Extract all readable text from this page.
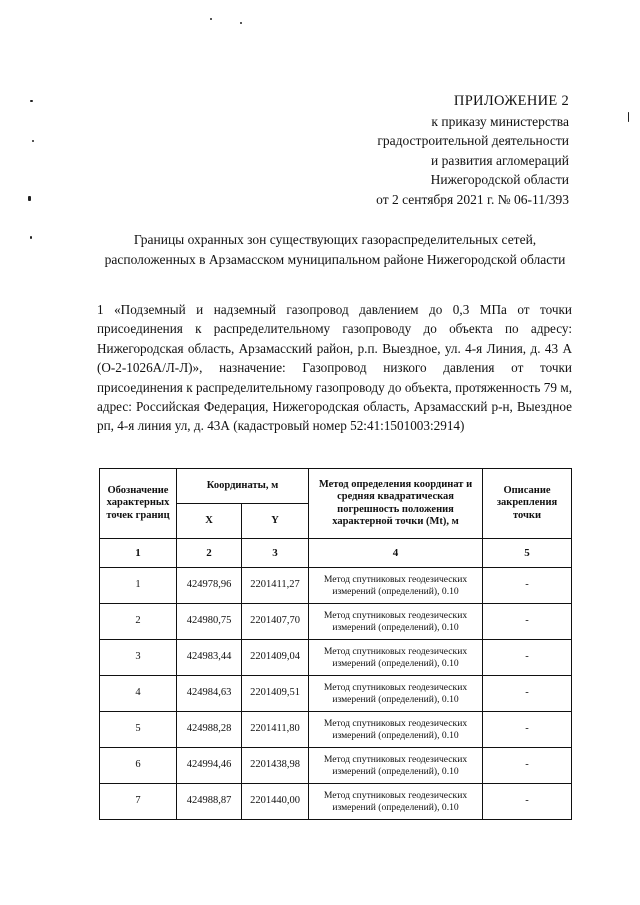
ПРИЛОЖЕНИЕ 2
к приказу министерства
градостроительной деятельности
и развития агломераций
Нижегородской области
от 2 сентября 2021 г. № 06-11/393
Границы охранных зон существующих газораспределительных сетей, расположенных в Арзамасском муниципальном районе Нижегородской области
1 «Подземный и надземный газопровод давлением до 0,3 МПа от точки присоединения к распределительному газопроводу до объекта по адресу: Нижегородская область, Арзамасский район, р.п. Выездное, ул. 4-я Линия, д. 43 А (О-2-1026А/Л-Л)», назначение: Газопровод низкого давления от точки присоединения к распределительному газопроводу до объекта, протяженность 79 м, адрес: Российская Федерация, Нижегородская область, Арзамасский р-н, Выездное рп, 4-я линия ул, д. 43А (кадастровый номер 52:41:1501003:2914)
Обозначение характерных точек границ	Координаты, м		Метод определения координат и средняя квадратическая погрешность положения характерной точки (Мt), м	Описание закрепления точки
	X	Y		
1	2	3	4	5
1	424978,96	2201411,27	Метод спутниковых геодезических измерений (определений), 0.10	-
2	424980,75	2201407,70	Метод спутниковых геодезических измерений (определений), 0.10	-
3	424983,44	2201409,04	Метод спутниковых геодезических измерений (определений), 0.10	-
4	424984,63	2201409,51	Метод спутниковых геодезических измерений (определений), 0.10	-
5	424988,28	2201411,80	Метод спутниковых геодезических измерений (определений), 0.10	-
6	424994,46	2201438,98	Метод спутниковых геодезических измерений (определений), 0.10	-
7	424988,87	2201440,00	Метод спутниковых геодезических измерений (определений), 0.10	-
